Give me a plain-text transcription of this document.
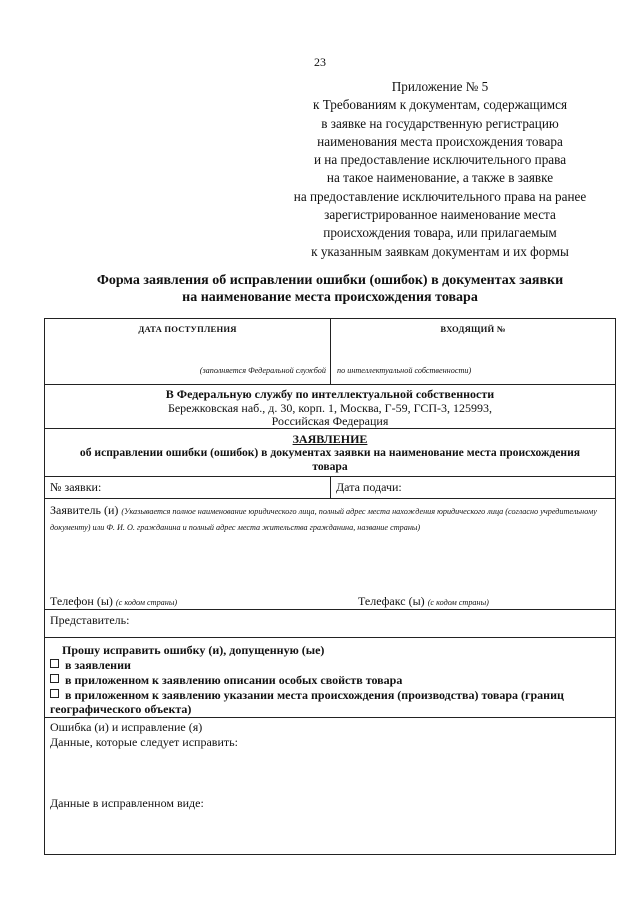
23
Приложение № 5
к Требованиям к документам, содержащимся
в заявке на государственную регистрацию
наименования места происхождения товара
и на предоставление исключительного права
на такое наименование, а также в заявке
на предоставление исключительного права на ранее
зарегистрированное наименование места
происхождения товара, или прилагаемым
к указанным заявкам документам и их формы
Форма заявления об исправлении ошибки (ошибок) в документах заявки
на наименование места происхождения товара
ДАТА ПОСТУПЛЕНИЯ	ВХОДЯЩИЙ №
(заполняется Федеральной службой по интеллектуальной собственности)
В Федеральную службу по интеллектуальной собственности
Бережковская наб., д. 30, корп. 1, Москва, Г-59, ГСП-3, 125993,
Российская Федерация
ЗАЯВЛЕНИЕ
об исправлении ошибки (ошибок) в документах заявки на наименование места происхождения
товара
№ заявки:	Дата подачи:
Заявитель (и) (Указывается полное наименование юридического лица, полный адрес места нахождения юридического лица (согласно учредительному документу) или Ф. И. О. гражданина и полный адрес места жительства гражданина, название страны)
Телефон (ы) (с кодом страны)	Телефакс (ы) (с кодом страны)
Представитель:
Прошу исправить ошибку (и), допущенную (ые)
в заявлении
в приложенном к заявлению описании особых свойств товара
в приложенном к заявлению указании места происхождения (производства) товара (границ
географического объекта)
Ошибка (и) и исправление (я)
Данные, которые следует исправить:
Данные в исправленном виде:
